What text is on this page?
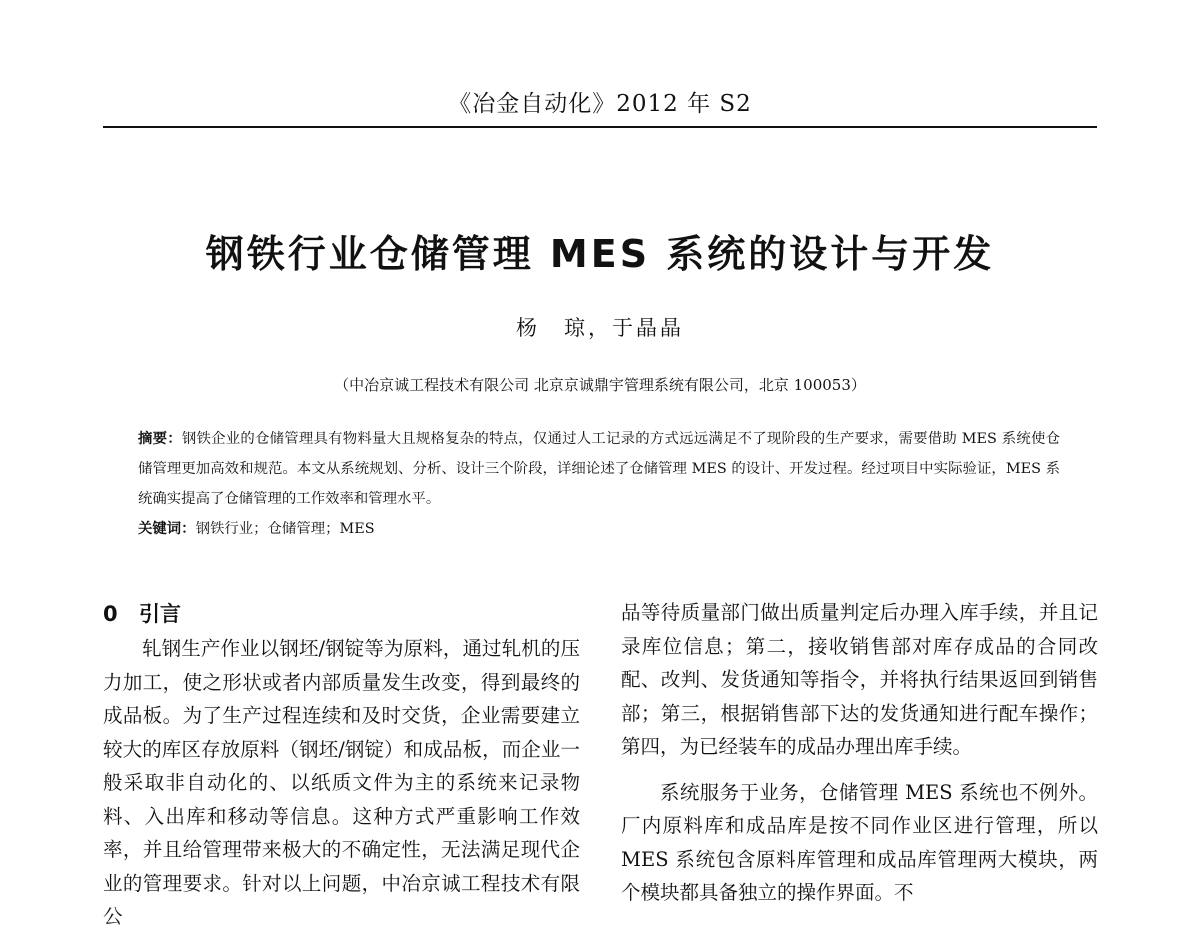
《冶金自动化》2012 年 S2
钢铁行业仓储管理 MES 系统的设计与开发
杨　琼，于晶晶
（中冶京诚工程技术有限公司 北京京诚鼎宇管理系统有限公司，北京 100053）

摘要：钢铁企业的仓储管理具有物料量大且规格复杂的特点，仅通过人工记录的方式远远满足不了现阶段的生产要求，需要借助 MES 系统使仓储管理更加高效和规范。本文从系统规划、分析、设计三个阶段，详细论述了仓储管理 MES 的设计、开发过程。经过项目中实际验证，MES 系统确实提高了仓储管理的工作效率和管理水平。

关键词：钢铁行业；仓储管理；MES

0 引言

轧钢生产作业以钢坯/钢锭等为原料，通过轧机的压力加工，使之形状或者内部质量发生改变，得到最终的成品板。为了生产过程连续和及时交货，企业需要建立较大的库区存放原料（钢坯/钢锭）和成品板，而企业一般采取非自动化的、以纸质文件为主的系统来记录物料、入出库和移动等信息。这种方式严重影响工作效率，并且给管理带来极大的不确定性，无法满足现代企业的管理要求。针对以上问题，中冶京诚工程技术有限公

品等待质量部门做出质量判定后办理入库手续，并且记录库位信息；第二，接收销售部对库存成品的合同改配、改判、发货通知等指令，并将执行结果返回到销售部；第三，根据销售部下达的发货通知进行配车操作；第四，为已经装车的成品办理出库手续。

系统服务于业务，仓储管理 MES 系统也不例外。厂内原料库和成品库是按不同作业区进行管理，所以 MES 系统包含原料库管理和成品库管理两大模块，两个模块都具备独立的操作界面。不
